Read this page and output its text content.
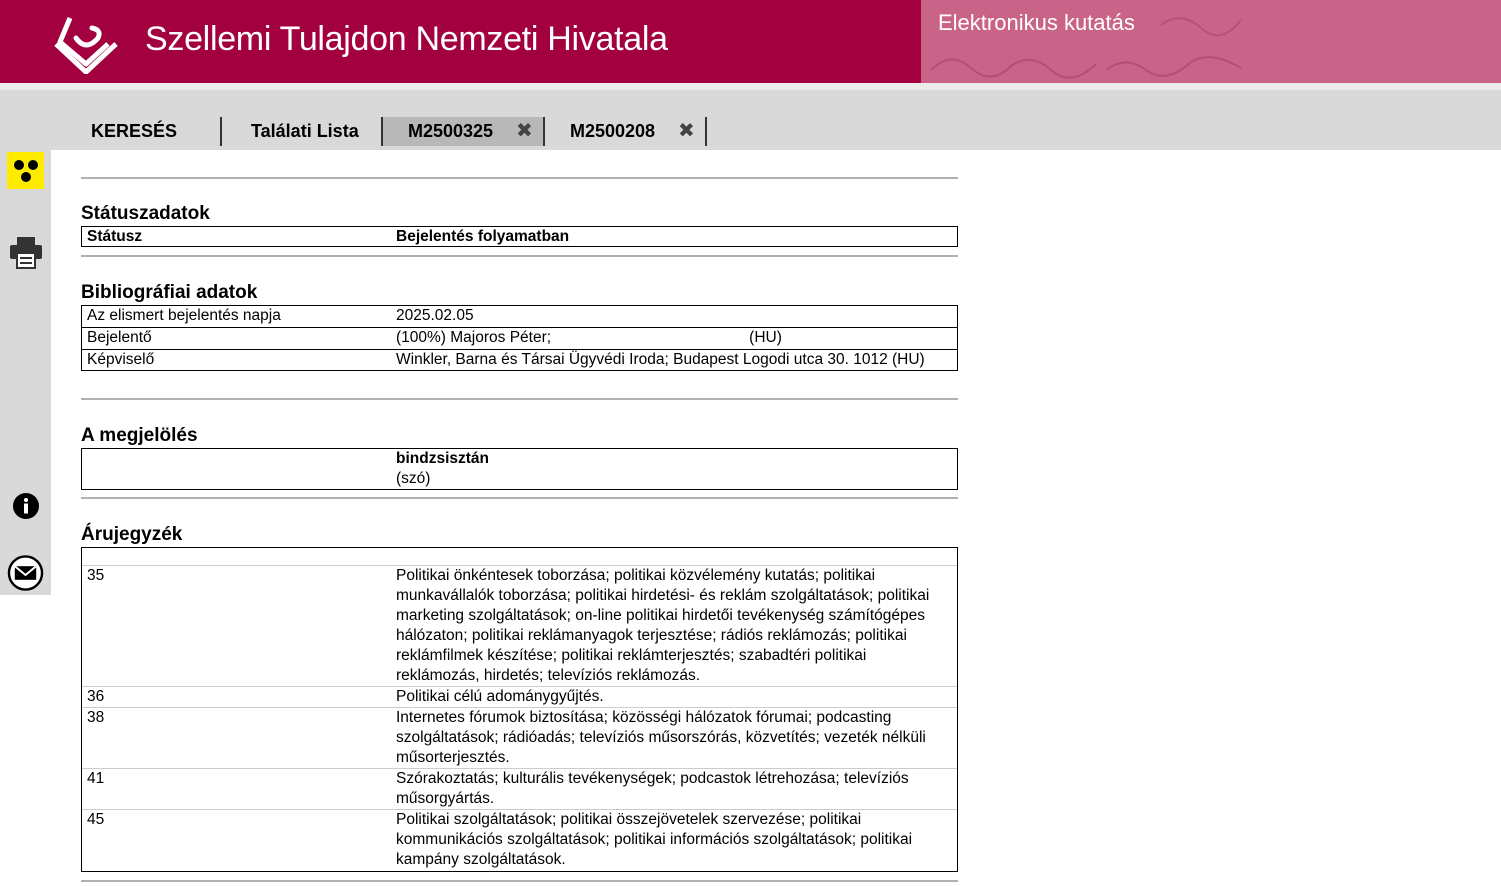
Szellemi Tulajdon Nemzeti Hivatala	Elektronikus kutatás
KERESÉS	Találati Lista	M2500325 ✖ M2500208 ✖
Státuszadatok
Státusz	Bejelentés folyamatban
Bibliográfiai adatok
Az elismert bejelentés napja	2025.02.05
Bejelentő	(100%) Majoros Péter;                                              (HU)
Képviselő	Winkler, Barna és Társai Ügyvédi Iroda; Budapest Logodi utca 30. 1012 (HU)
A megjelölés
bindzsisztán
(szó)
Árujegyzék
35	Politikai önkéntesek toborzása; politikai közvélemény kutatás; politikai munkavállalók toborzása; politikai hirdetési- és reklám szolgáltatások; politikai marketing szolgáltatások; on-line politikai hirdetői tevékenység számítógépes hálózaton; politikai reklámanyagok terjesztése; rádiós reklámozás; politikai reklámfilmek készítése; politikai reklámterjesztés; szabadtéri politikai reklámozás, hirdetés; televíziós reklámozás.
36	Politikai célú adománygyűjtés.
38	Internetes fórumok biztosítása; közösségi hálózatok fórumai; podcasting szolgáltatások; rádióadás; televíziós műsorszórás, közvetítés; vezeték nélküli műsorterjesztés.
41	Szórakoztatás; kulturális tevékenységek; podcastok létrehozása; televíziós műsorgyártás.
45	Politikai szolgáltatások; politikai összejövetelek szervezése; politikai kommunikációs szolgáltatások; politikai információs szolgáltatások; politikai kampány szolgáltatások.
